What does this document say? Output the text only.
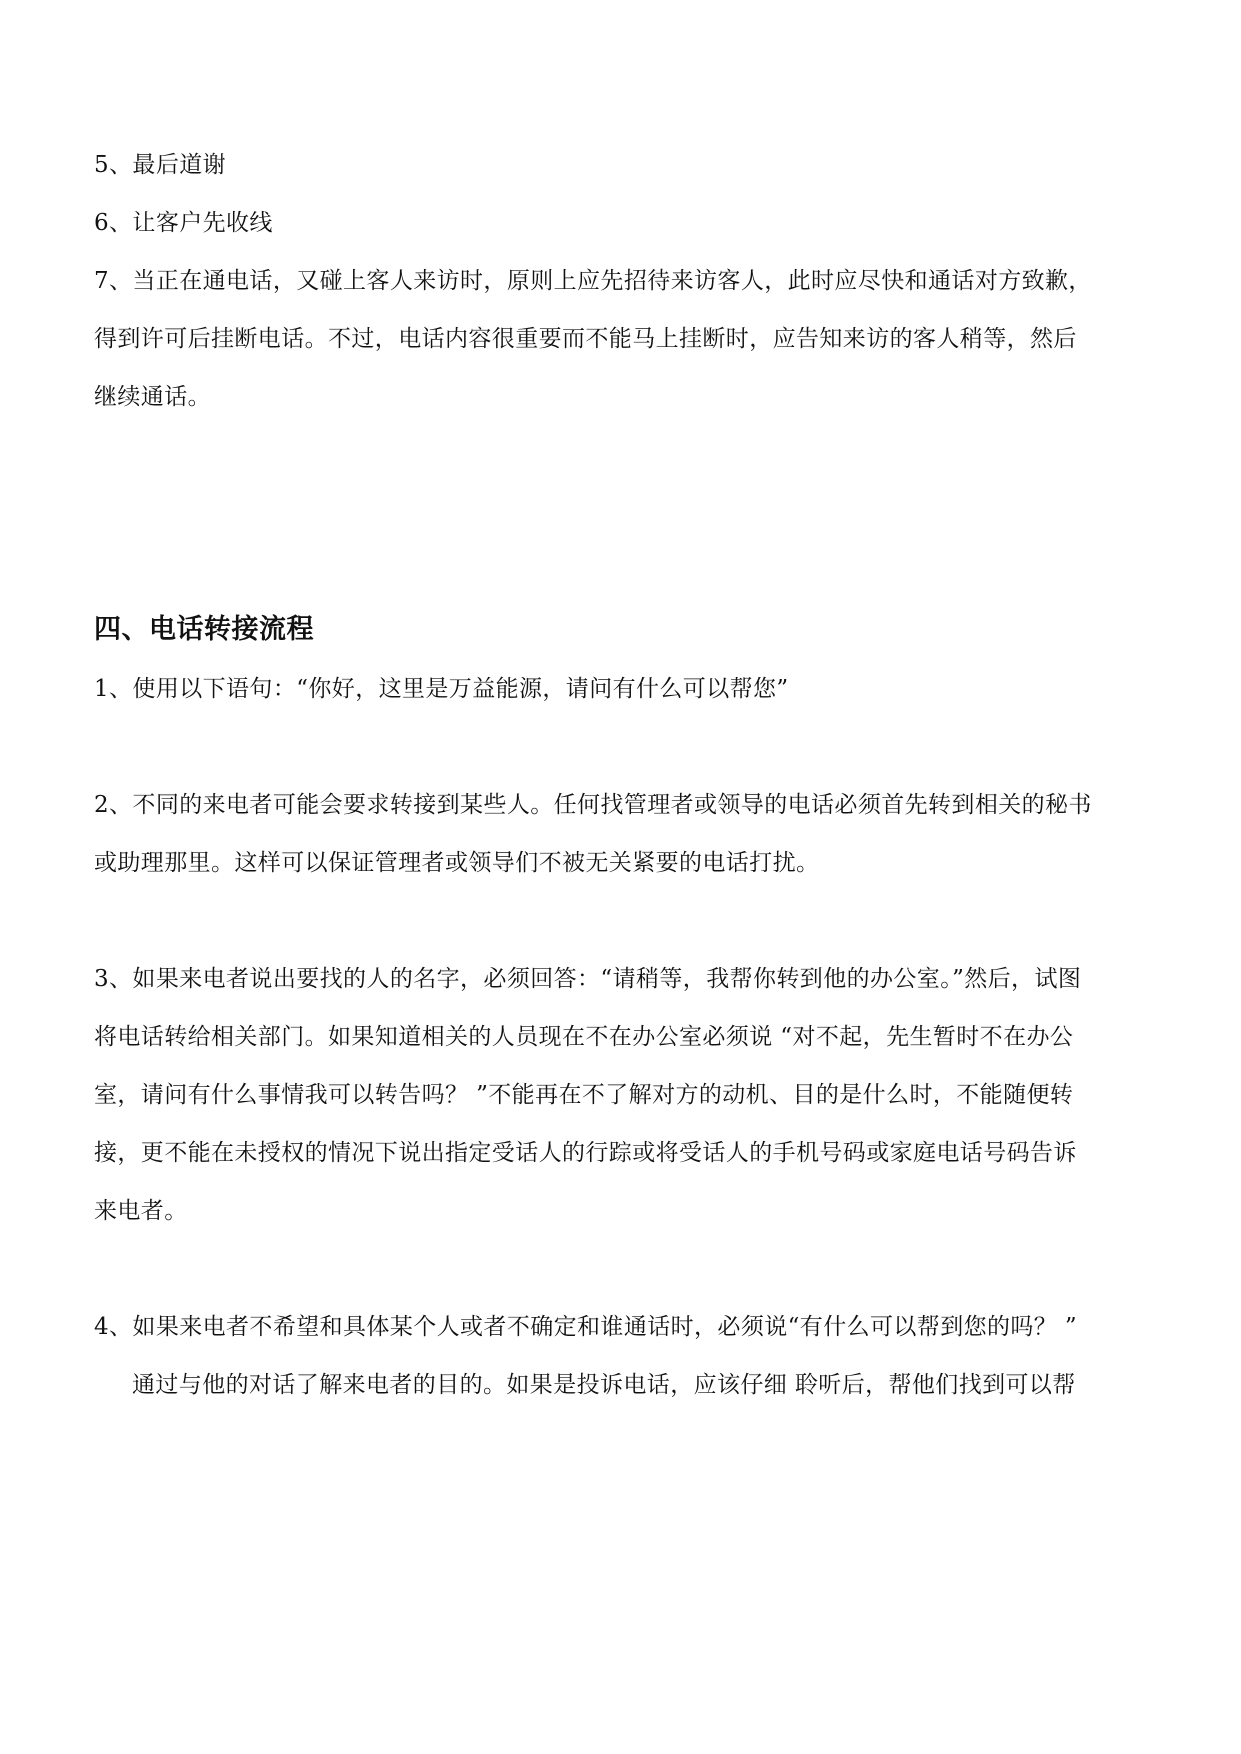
5、最后道谢
6、让客户先收线
7、当正在通电话，又碰上客人来访时，原则上应先招待来访客人，此时应尽快和通话对方致歉，
得到许可后挂断电话。不过，电话内容很重要而不能马上挂断时，应告知来访的客人稍等，然后
继续通话。
四、电话转接流程
1、使用以下语句：“你好，这里是万益能源，请问有什么可以帮您”
2、不同的来电者可能会要求转接到某些人。任何找管理者或领导的电话必须首先转到相关的秘书
或助理那里。这样可以保证管理者或领导们不被无关紧要的电话打扰。
3、如果来电者说出要找的人的名字，必须回答：“请稍等，我帮你转到他的办公室。”然后，试图
将电话转给相关部门。如果知道相关的人员现在不在办公室必须说 “对不起，先生暂时不在办公
室，请问有什么事情我可以转告吗？ ”不能再在不了解对方的动机、目的是什么时，不能随便转
接，更不能在未授权的情况下说出指定受话人的行踪或将受话人的手机号码或家庭电话号码告诉
来电者。
4、如果来电者不希望和具体某个人或者不确定和谁通话时，必须说“有什么可以帮到您的吗？ ”
通过与他的对话了解来电者的目的。如果是投诉电话，应该仔细 聆听后，帮他们找到可以帮
